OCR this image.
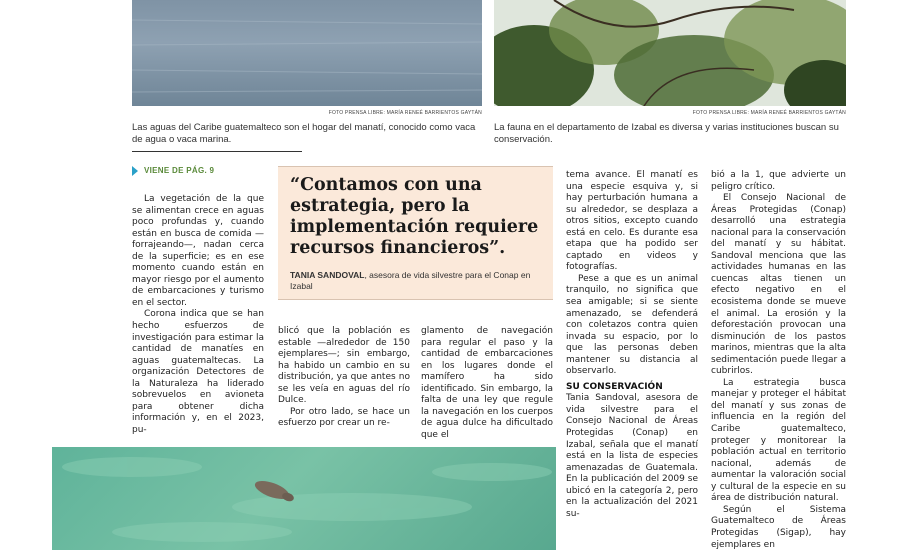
FOTO PRENSA LIBRE: MARÍA RENEÉ BARRIENTOS GAYTÁN
Las aguas del Caribe guatemalteco son el hogar del manatí, conocido como vaca de agua o vaca marina.
FOTO PRENSA LIBRE: MARÍA RENEÉ BARRIENTOS GAYTÁN
La fauna en el departamento de Izabal es diversa y varias instituciones buscan su conservación.
VIENE DE PÁG. 9

La vegetación de la que se alimentan crece en aguas poco profundas y, cuando están en busca de comida —forrajeando—, nadan cerca de la superficie; es en ese momento cuando están en mayor riesgo por el aumento de embarcaciones y turismo en el sector.

Corona indica que se han hecho esfuerzos de investigación para estimar la cantidad de manatíes en aguas guatemaltecas. La organización Detectores de la Naturaleza ha liderado sobrevuelos en avioneta para obtener dicha información y, en el 2023, pu-

“Contamos con una estrategia, pero la implementación requiere recursos financieros”.
TANIA SANDOVAL, asesora de vida silvestre para el Conap en Izabal

blicó que la población es estable —alrededor de 150 ejemplares—; sin embargo, ha habido un cambio en su distribución, ya que antes no se les veía en aguas del río Dulce.

Por otro lado, se hace un esfuerzo por crear un re-

glamento de navegación para regular el paso y la cantidad de embarcaciones en los lugares donde el mamífero ha sido identificado. Sin embargo, la falta de una ley que regule la navegación en los cuerpos de agua dulce ha dificultado que el

tema avance. El manatí es una especie esquiva y, si hay perturbación humana a su alrededor, se desplaza a otros sitios, excepto cuando está en celo. Es durante esa etapa que ha podido ser captado en videos y fotografías.

Pese a que es un animal tranquilo, no significa que sea amigable; si se siente amenazado, se defenderá con coletazos contra quien invada su espacio, por lo que las personas deben mantener su distancia al observarlo.

SU CONSERVACIÓN

Tania Sandoval, asesora de vida silvestre para el Consejo Nacional de Áreas Protegidas (Conap) en Izabal, señala que el manatí está en la lista de especies amenazadas de Guatemala. En la publicación del 2009 se ubicó en la categoría 2, pero en la actualización del 2021 su-

bió a la 1, que advierte un peligro crítico.

El Consejo Nacional de Áreas Protegidas (Conap) desarrolló una estrategia nacional para la conservación del manatí y su hábitat. Sandoval menciona que las actividades humanas en las cuencas altas tienen un efecto negativo en el ecosistema donde se mueve el animal. La erosión y la deforestación provocan una disminución de los pastos marinos, mientras que la alta sedimentación puede llegar a cubrirlos.

La estrategia busca manejar y proteger el hábitat del manatí y sus zonas de influencia en la región del Caribe guatemalteco, proteger y monitorear la población actual en territorio nacional, además de aumentar la valoración social y cultural de la especie en su área de distribución natural.

Según el Sistema Guatemalteco de Áreas Protegidas (Sigap), hay ejemplares en
